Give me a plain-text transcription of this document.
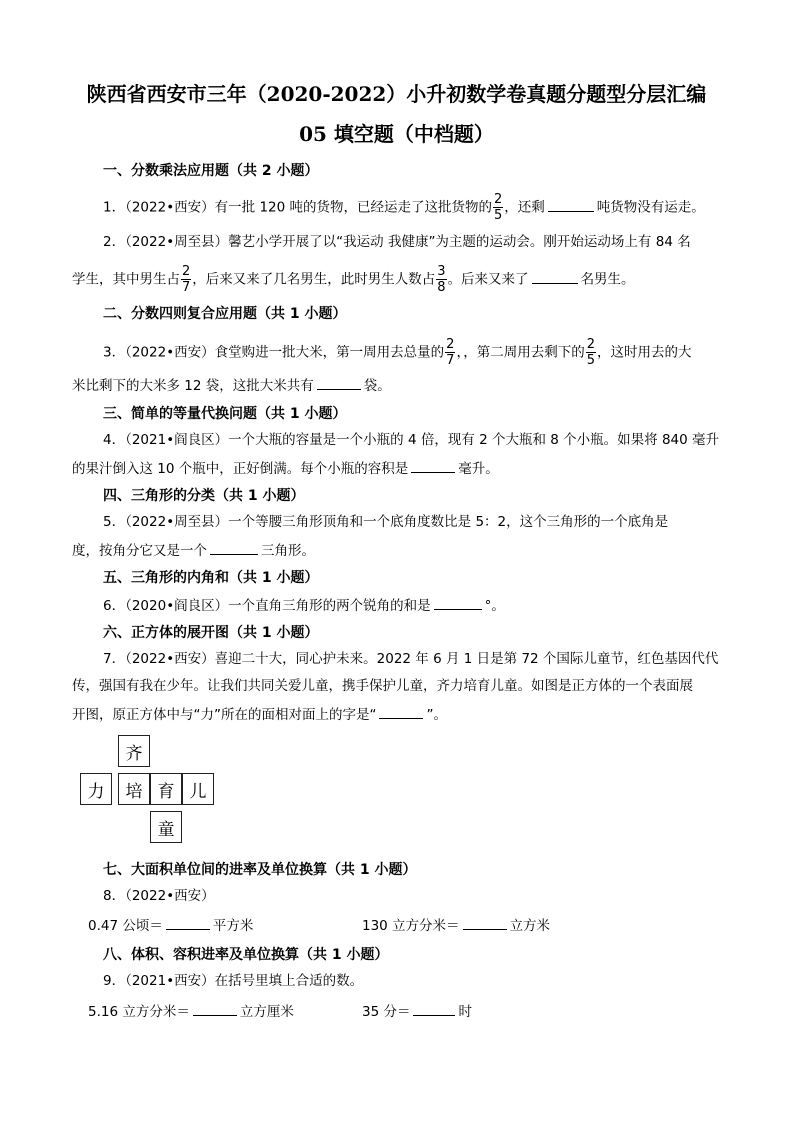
陕西省西安市三年（2020-2022）小升初数学卷真题分题型分层汇编
05 填空题（中档题）
一、分数乘法应用题（共 2 小题）
1．（2022•西安）有一批 120 吨的货物，已经运走了这批货物的 $\frac{2}{5}$ ，还剩	吨货物没有运走。
2．（2022•周至县）馨艺小学开展了以“我运动 我健康”为主题的运动会。刚开始运动场上有 84 名
学生，其中男生占 $\frac{2}{7}$ ，后来又来了几名男生，此时男生人数占 $\frac{3}{8}$ 。后来又来了	名男生。
二、分数四则复合应用题（共 1 小题）
3．（2022•西安）食堂购进一批大米，第一周用去总量的 $\frac{2}{7}$ ，，第二周用去剩下的 $\frac{2}{5}$ ，这时用去的大
米比剩下的大米多 12 袋，这批大米共有	袋。
三、简单的等量代换问题（共 1 小题）
4．（2021•阎良区）一个大瓶的容量是一个小瓶的 4 倍，现有 2 个大瓶和 8 个小瓶。如果将 840 毫升
的果汁倒入这 10 个瓶中，正好倒满。每个小瓶的容积是	毫升。
四、三角形的分类（共 1 小题）
5．（2022•周至县）一个等腰三角形顶角和一个底角度数比是 5：2，这个三角形的一个底角是
度，按角分它又是一个	三角形。
五、三角形的内角和（共 1 小题）
6．（2020•阎良区）一个直角三角形的两个锐角的和是	°。
六、正方体的展开图（共 1 小题）
7．（2022•西安）喜迎二十大，同心护未来。2022 年 6 月 1 日是第 72 个国际儿童节，红色基因代代
传，强国有我在少年。让我们共同关爱儿童，携手保护儿童，齐力培育儿童。如图是正方体的一个表面展
开图，原正方体中与“力”所在的面相对面上的字是“	”。
齐
力	培 育 儿
童
七、大面积单位间的进率及单位换算（共 1 小题）
8．（2022•西安）
0.47 公顷＝	平方米	130 立方分米＝	立方米
八、体积、容积进率及单位换算（共 1 小题）
9．（2021•西安）在括号里填上合适的数。
5.16 立方分米＝	立方厘米	35 分＝	时
